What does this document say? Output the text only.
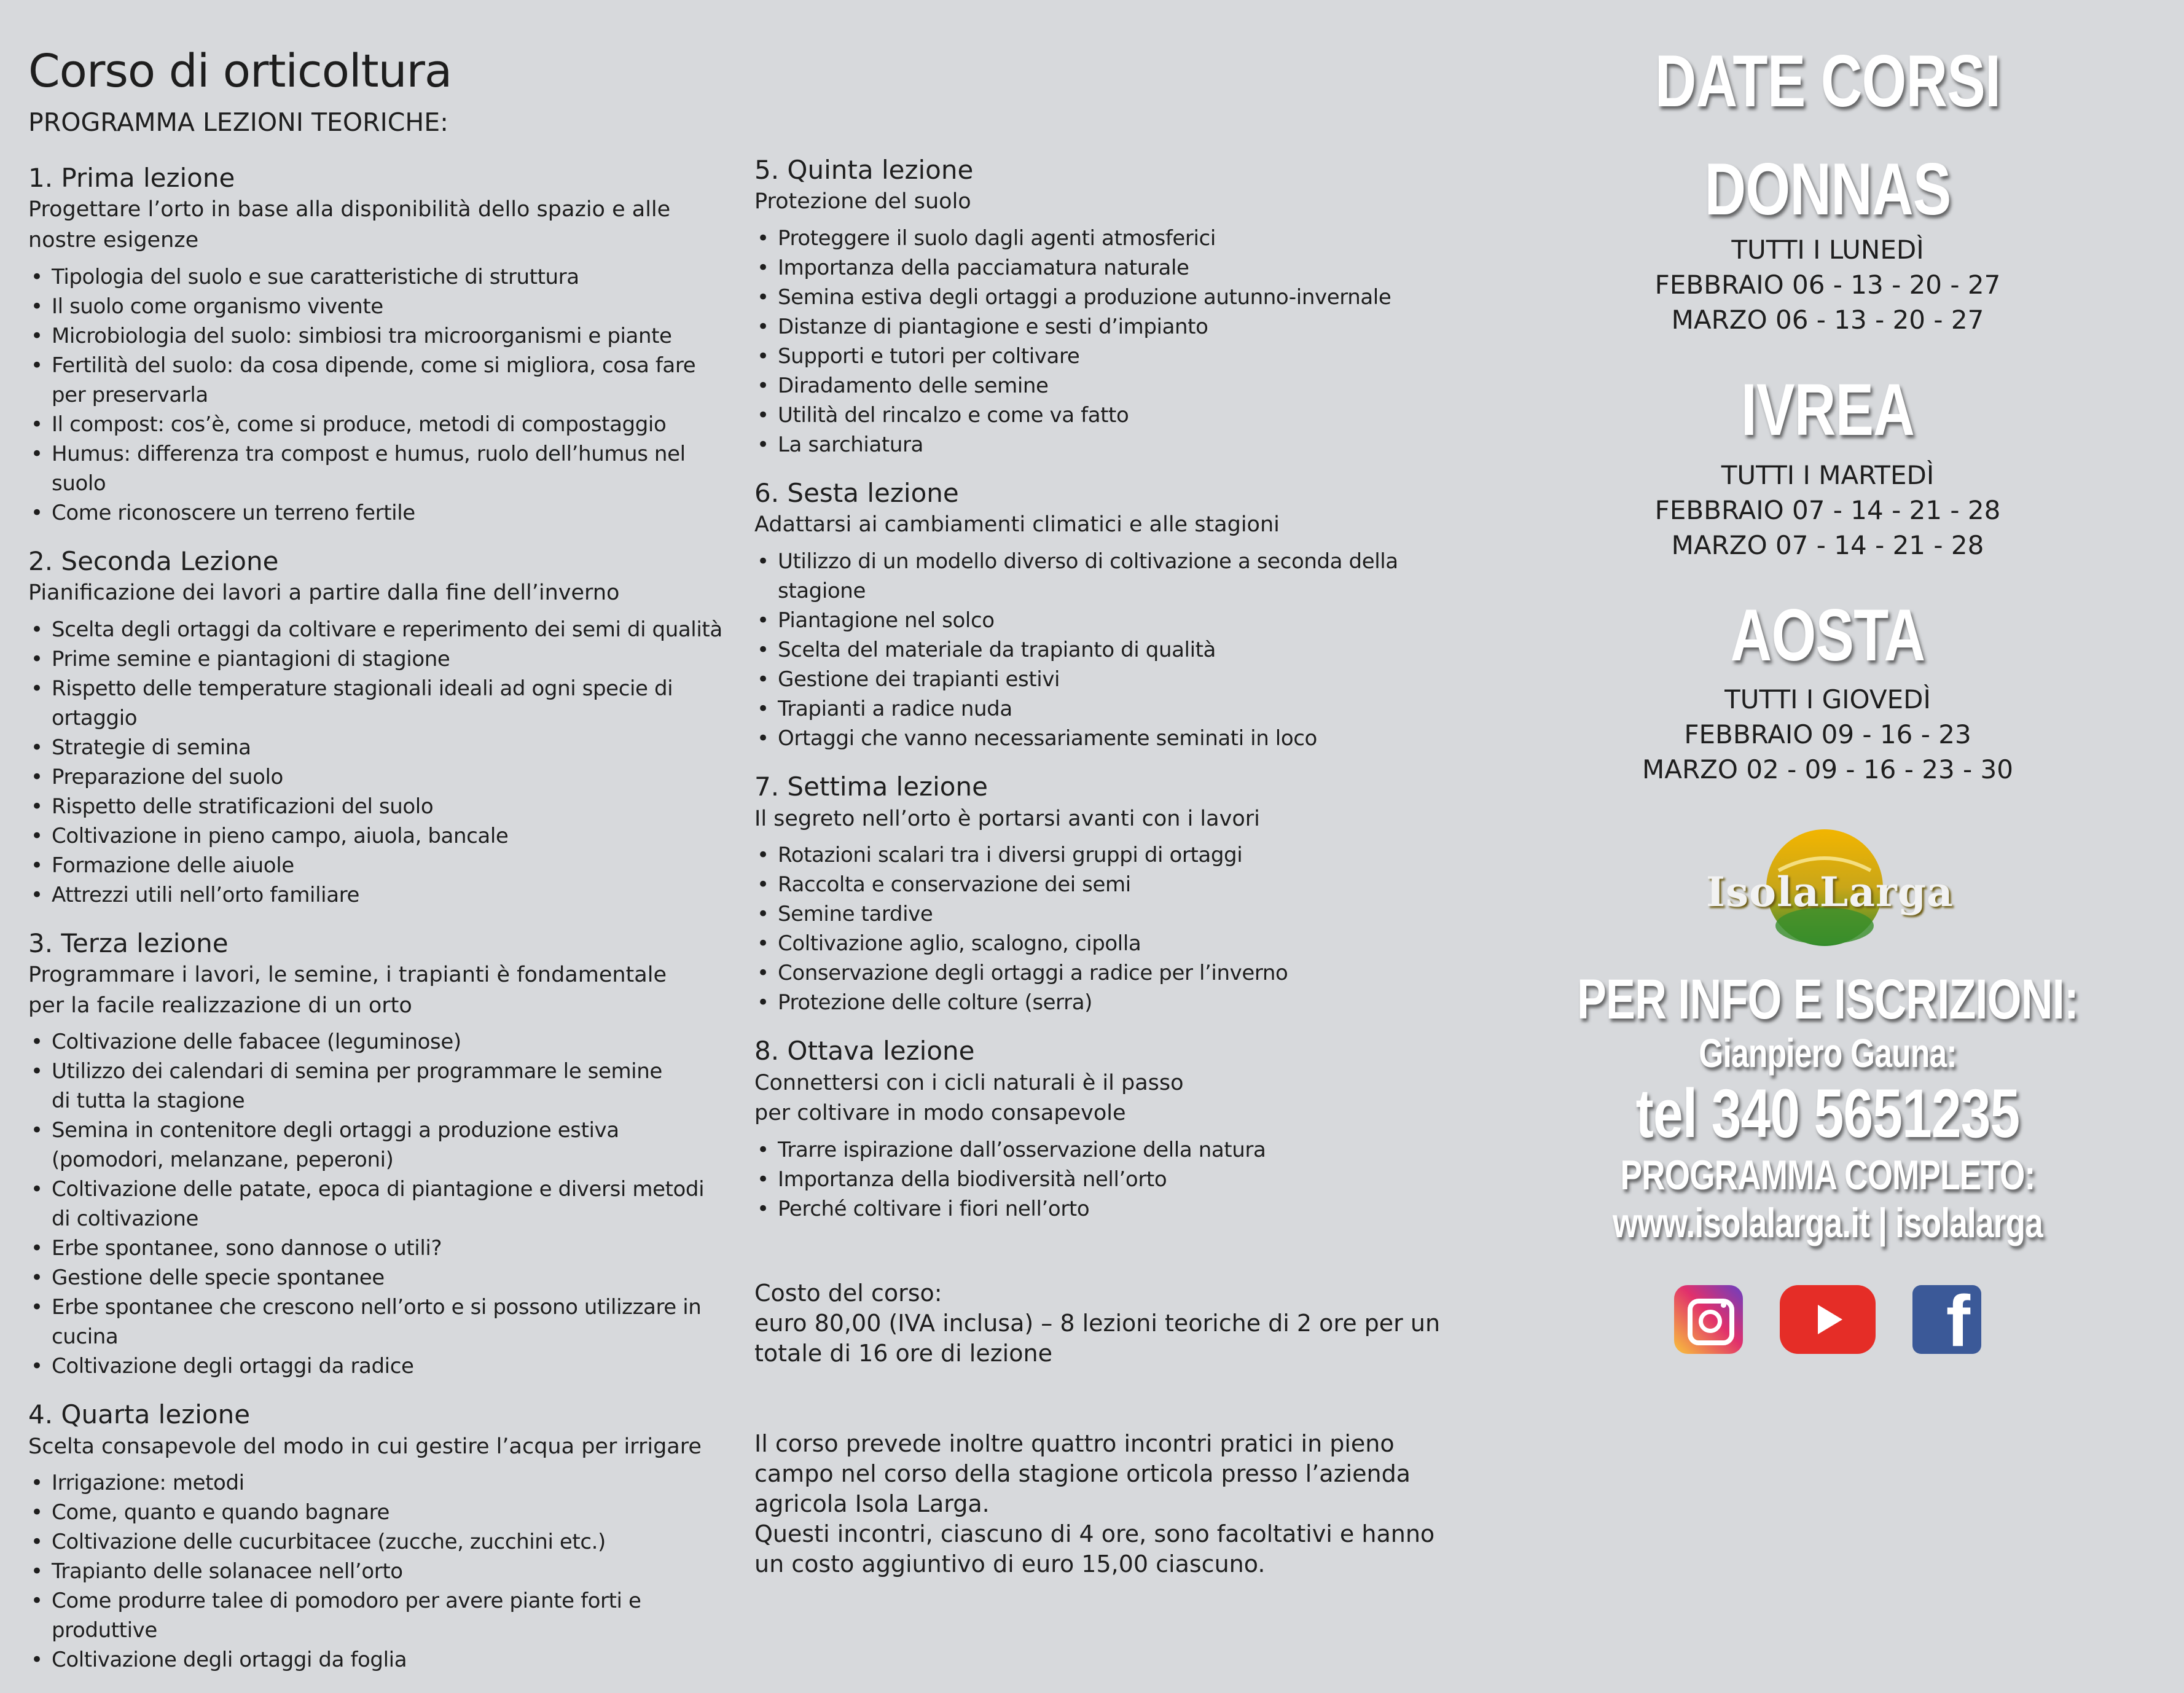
Corso di orticoltura
PROGRAMMA LEZIONI TEORICHE:
1. Prima lezione
Progettare l’orto in base alla disponibilità dello spazio e alle nostre esigenze
• Tipologia del suolo e sue caratteristiche di struttura
• Il suolo come organismo vivente
• Microbiologia del suolo: simbiosi tra microorganismi e piante
• Fertilità del suolo: da cosa dipende, come si migliora, cosa fare
per preservarla
• Il compost: cos’è, come si produce, metodi di compostaggio
• Humus: differenza tra compost e humus, ruolo dell’humus nel suolo
• Come riconoscere un terreno fertile
2. Seconda Lezione
Pianificazione dei lavori a partire dalla fine dell’inverno
• Scelta degli ortaggi da coltivare e reperimento dei semi di qualità
• Prime semine e piantagioni di stagione
• Rispetto delle temperature stagionali ideali ad ogni specie di ortaggio
• Strategie di semina
• Preparazione del suolo
• Rispetto delle stratificazioni del suolo
• Coltivazione in pieno campo, aiuola, bancale
• Formazione delle aiuole
• Attrezzi utili nell’orto familiare
3. Terza lezione
Programmare i lavori, le semine, i trapianti è fondamentale
per la facile realizzazione di un orto
• Coltivazione delle fabacee (leguminose)
• Utilizzo dei calendari di semina per programmare le semine
di tutta la stagione
• Semina in contenitore degli ortaggi a produzione estiva
(pomodori, melanzane, peperoni)
• Coltivazione delle patate, epoca di piantagione e diversi metodi di coltivazione
• Erbe spontanee, sono dannose o utili?
• Gestione delle specie spontanee
• Erbe spontanee che crescono nell’orto e si possono utilizzare in cucina
• Coltivazione degli ortaggi da radice
4. Quarta lezione
Scelta consapevole del modo in cui gestire l’acqua per irrigare
• Irrigazione: metodi
• Come, quanto e quando bagnare
• Coltivazione delle cucurbitacee (zucche, zucchini etc.)
• Trapianto delle solanacee nell’orto
• Come produrre talee di pomodoro per avere piante forti e produttive
• Coltivazione degli ortaggi da foglia
5. Quinta lezione
Protezione del suolo
• Proteggere il suolo dagli agenti atmosferici
• Importanza della pacciamatura naturale
• Semina estiva degli ortaggi a produzione autunno-invernale
• Distanze di piantagione e sesti d’impianto
• Supporti e tutori per coltivare
• Diradamento delle semine
• Utilità del rincalzo e come va fatto
• La sarchiatura
6. Sesta lezione
Adattarsi ai cambiamenti climatici e alle stagioni
• Utilizzo di un modello diverso di coltivazione a seconda della stagione
• Piantagione nel solco
• Scelta del materiale da trapianto di qualità
• Gestione dei trapianti estivi
• Trapianti a radice nuda
• Ortaggi che vanno necessariamente seminati in loco
7. Settima lezione
Il segreto nell’orto è portarsi avanti con i lavori
• Rotazioni scalari tra i diversi gruppi di ortaggi
• Raccolta e conservazione dei semi
• Semine tardive
• Coltivazione aglio, scalogno, cipolla
• Conservazione degli ortaggi a radice per l’inverno
• Protezione delle colture (serra)
8. Ottava lezione
Connettersi con i cicli naturali è il passo
per coltivare in modo consapevole
• Trarre ispirazione dall’osservazione della natura
• Importanza della biodiversità nell’orto
• Perché coltivare i fiori nell’orto

Costo del corso:
euro 80,00 (IVA inclusa) – 8 lezioni teoriche di 2 ore per un
totale di 16 ore di lezione

Il corso prevede inoltre quattro incontri pratici in pieno
campo nel corso della stagione orticola presso l’azienda
agricola Isola Larga.
Questi incontri, ciascuno di 4 ore, sono facoltativi e hanno
un costo aggiuntivo di euro 15,00 ciascuno.

DATE CORSI
DONNAS
TUTTI I LUNEDÌ
FEBBRAIO 06 - 13 - 20 - 27
MARZO 06 - 13 - 20 - 27
IVREA
TUTTI I MARTEDÌ
FEBBRAIO 07 - 14 - 21 - 28
MARZO 07 - 14 - 21 - 28
AOSTA
TUTTI I GIOVEDÌ
FEBBRAIO 09 - 16 - 23
MARZO 02 - 09 - 16 - 23 - 30
IsolaLarga
PER INFO E ISCRIZIONI:
Gianpiero Gauna:
tel 340 5651235
PROGRAMMA COMPLETO:
www.isolalarga.it | isolalarga
f
